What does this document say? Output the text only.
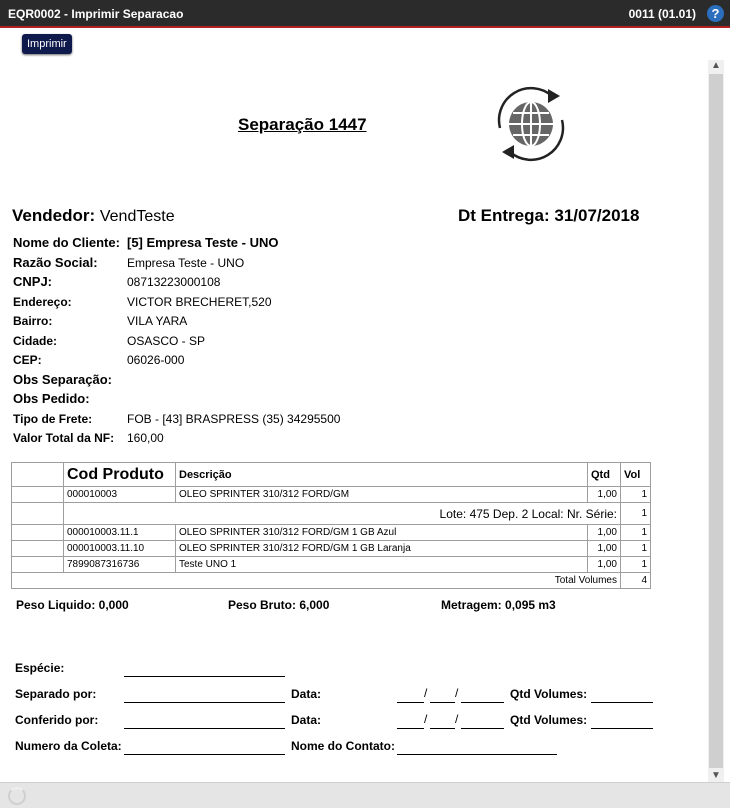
EQR0002 - Imprimir Separacao	0011 (01.01)	?
Imprimir
▲
▼
Separação 1447
Vendedor: VendTeste	Dt Entrega: 31/07/2018
Nome do Cliente: [5] Empresa Teste - UNO
Razão Social: Empresa Teste - UNO
CNPJ:	08713223000108
Endereço:	VICTOR BRECHERET,520
Bairro:	VILA YARA
Cidade:	OSASCO - SP
CEP:	06026-000
Obs Separação:
Obs Pedido:
Tipo de Frete:	FOB - [43] BRASPRESS (35) 34295500
Valor Total da NF: 160,00
	Cod Produto	Descrição	Qtd	Vol
	000010003	OLEO SPRINTER 310/312 FORD/GM	1,00	1
	Lote: 475 Dep. 2 Local: Nr. Série:			1
	000010003.11.1	OLEO SPRINTER 310/312 FORD/GM 1 GB Azul	1,00	1
	000010003.11.10	OLEO SPRINTER 310/312 FORD/GM 1 GB Laranja	1,00	1
	7899087316736	Teste UNO 1	1,00	1
Total Volumes				4
Peso Liquido: 0,000	Peso Bruto: 6,000	Metragem: 0,095 m3
Espécie:
Separado por:	Data:	/ /	Qtd Volumes:
Conferido por:	Data:	/ /	Qtd Volumes:
Numero da Coleta:	Nome do Contato:
